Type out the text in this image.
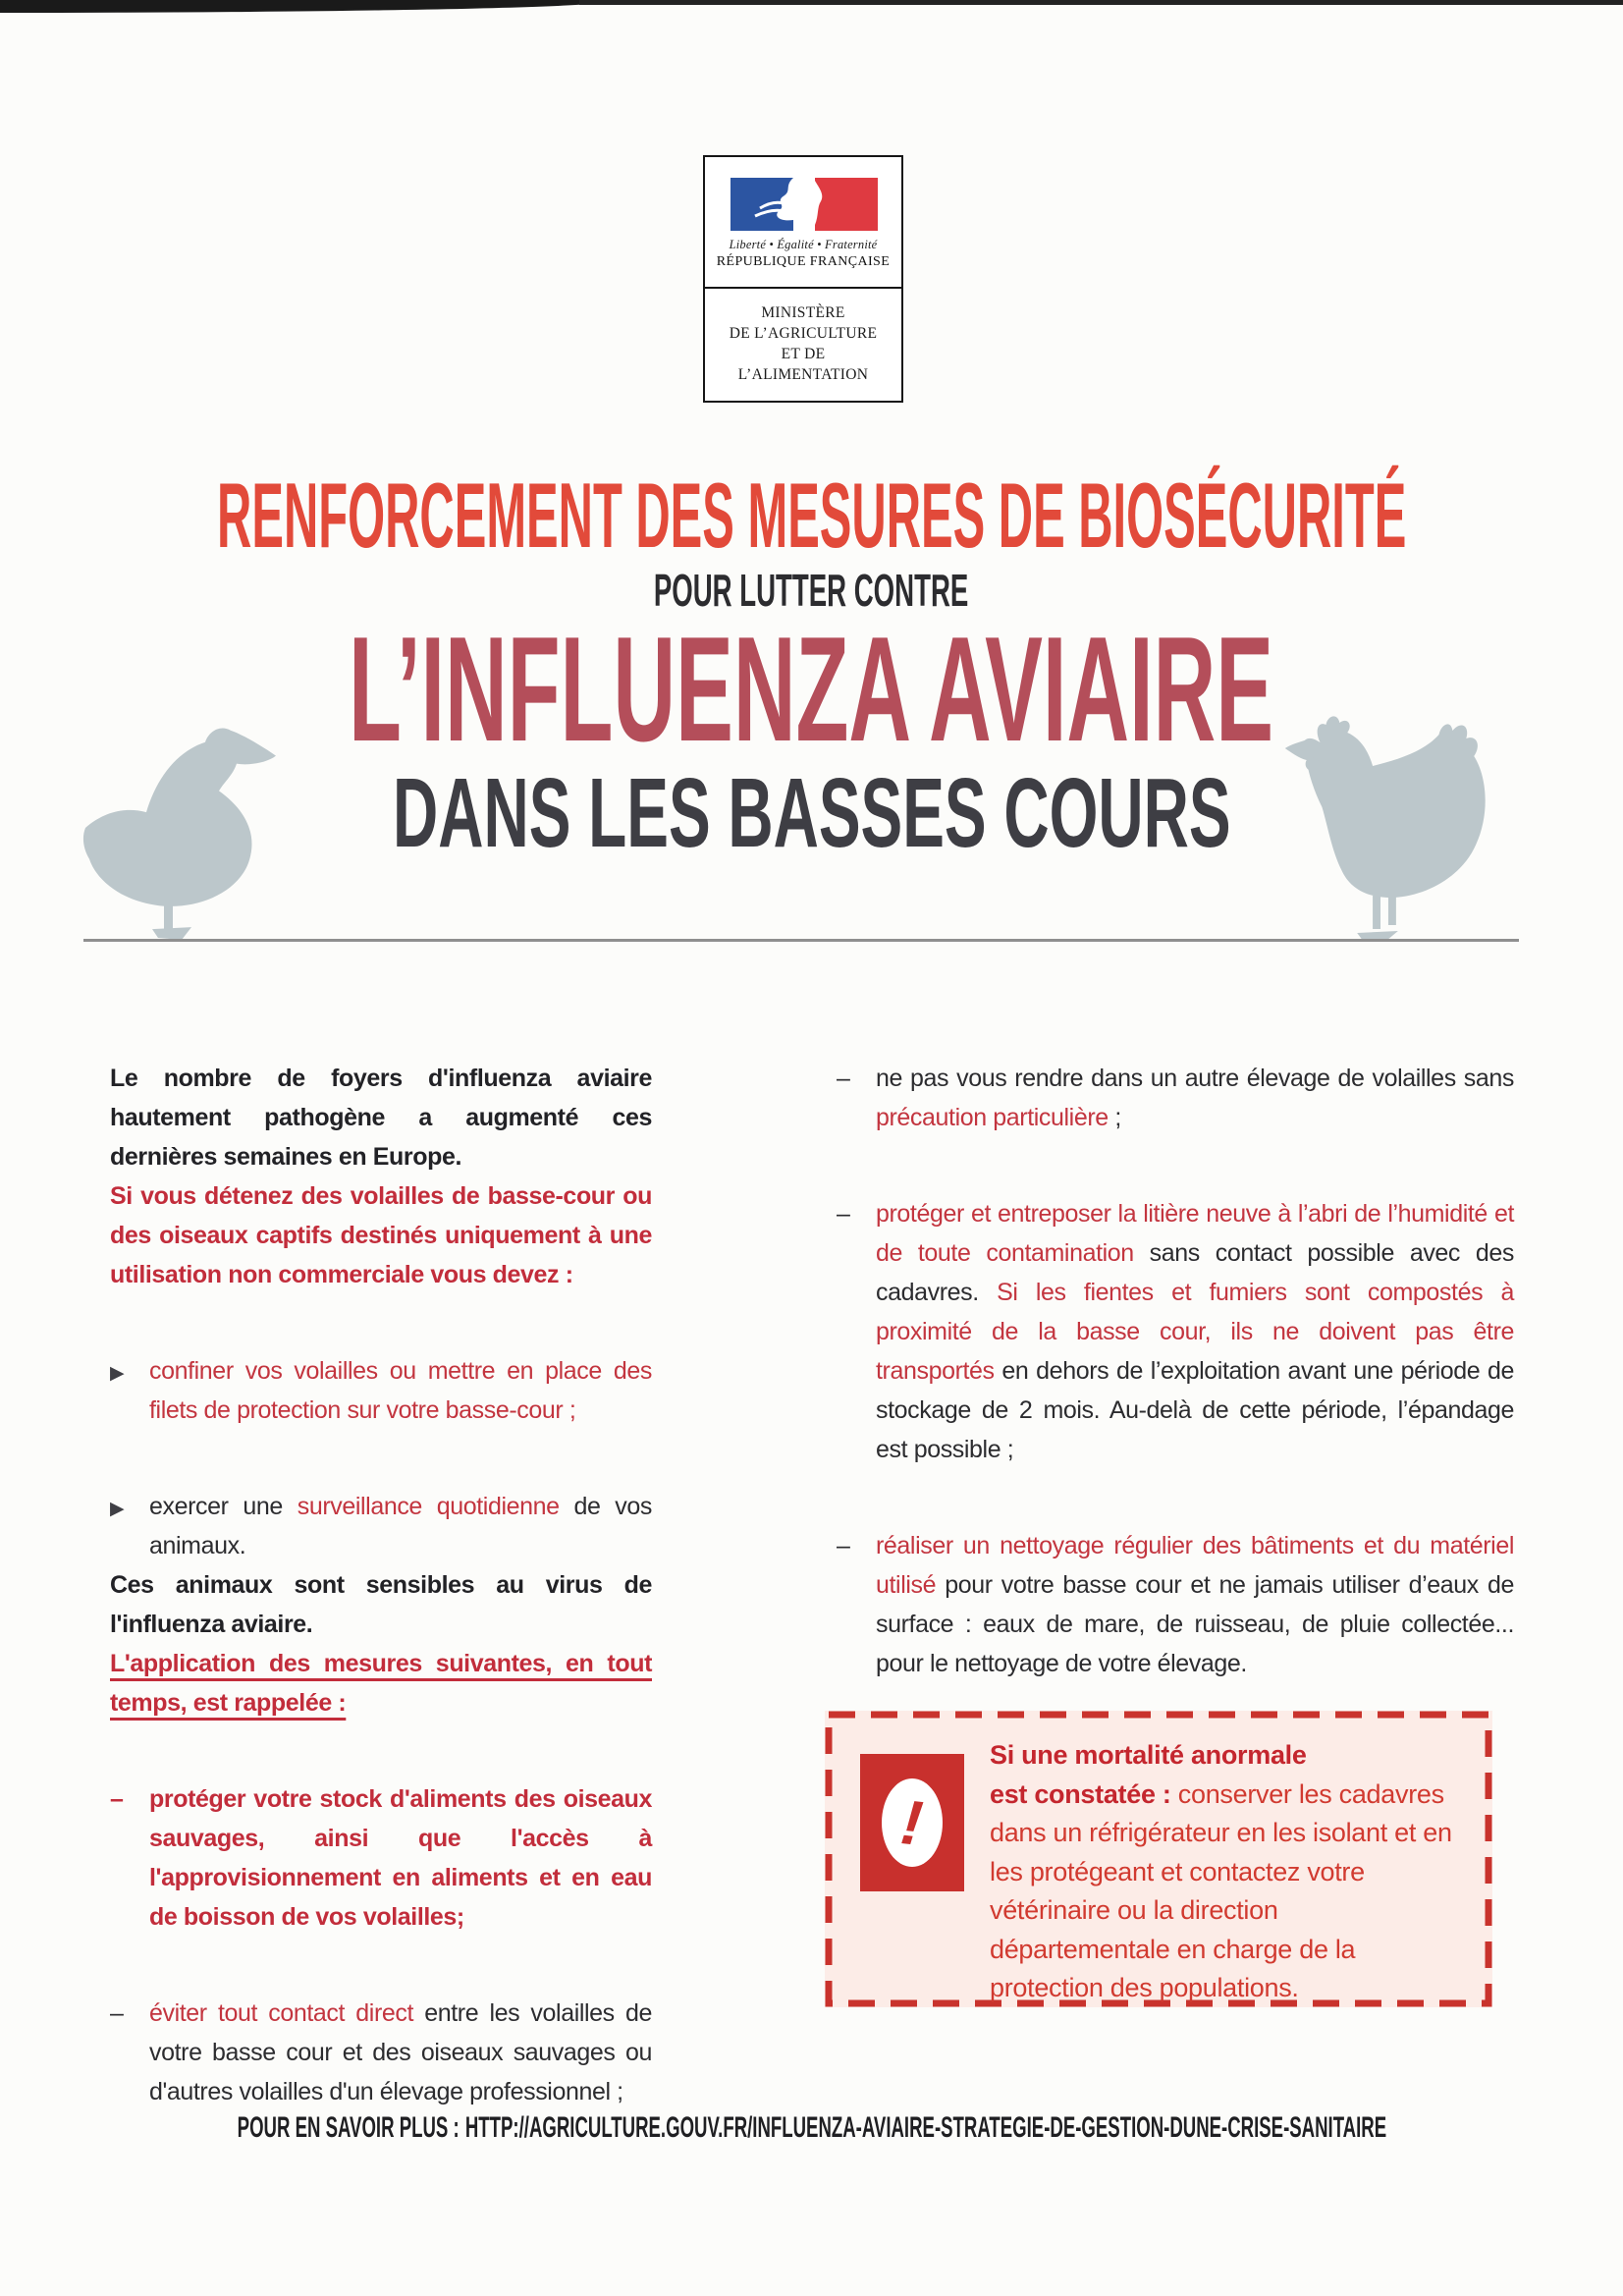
Liberté • Égalité • Fraternité
RÉPUBLIQUE FRANÇAISE
MINISTÈRE
DE L’AGRICULTURE
ET DE
L’ALIMENTATION
RENFORCEMENT DES MESURES DE BIOSÉCURITÉ
POUR LUTTER CONTRE
L’INFLUENZA AVIAIRE
DANS LES BASSES COURS

Le nombre de foyers d'influenza aviaire hautement pathogène a augmenté ces dernières semaines en Europe.

Si vous détenez des volailles de basse-cour ou des oiseaux captifs destinés uniquement à une utilisation non commerciale vous devez :

▶	confiner vos volailles ou mettre en place des filets de protection sur votre basse-cour ;
▶	exercer une surveillance quotidienne de vos animaux.

Ces animaux sont sensibles au virus de l'influenza aviaire.

L'application des mesures suivantes, en tout temps, est rappelée :

–	protéger votre stock d'aliments des oiseaux sauvages, ainsi que l'accès à l'approvisionnement en aliments et en eau de boisson de vos volailles;
–	éviter tout contact direct entre les volailles de votre basse cour et des oiseaux sauvages ou d'autres volailles d'un élevage professionnel ;
–	ne pas vous rendre dans un autre élevage de volailles sans précaution particulière ;
–	protéger et entreposer la litière neuve à l’abri de l’humidité et de toute contamination sans contact possible avec des cadavres. Si les fientes et fumiers sont compostés à proximité de la basse cour, ils ne doivent pas être transportés en dehors de l’exploitation avant une période de stockage de 2 mois. Au-delà de cette période, l’épandage est possible ;
–	réaliser un nettoyage régulier des bâtiments et du matériel utilisé pour votre basse cour et ne jamais utiliser d’eaux de surface : eaux de mare, de ruisseau, de pluie collectée... pour le nettoyage de votre élevage.
!
Si une mortalité anormale
est constatée : conserver les cadavres dans un réfrigérateur en les isolant et en les protégeant et contactez votre vétérinaire ou la direction départementale en charge de la protection des populations.
POUR EN SAVOIR PLUS : HTTP://AGRICULTURE.GOUV.FR/INFLUENZA-AVIAIRE-STRATEGIE-DE-GESTION-DUNE-CRISE-SANITAIRE
